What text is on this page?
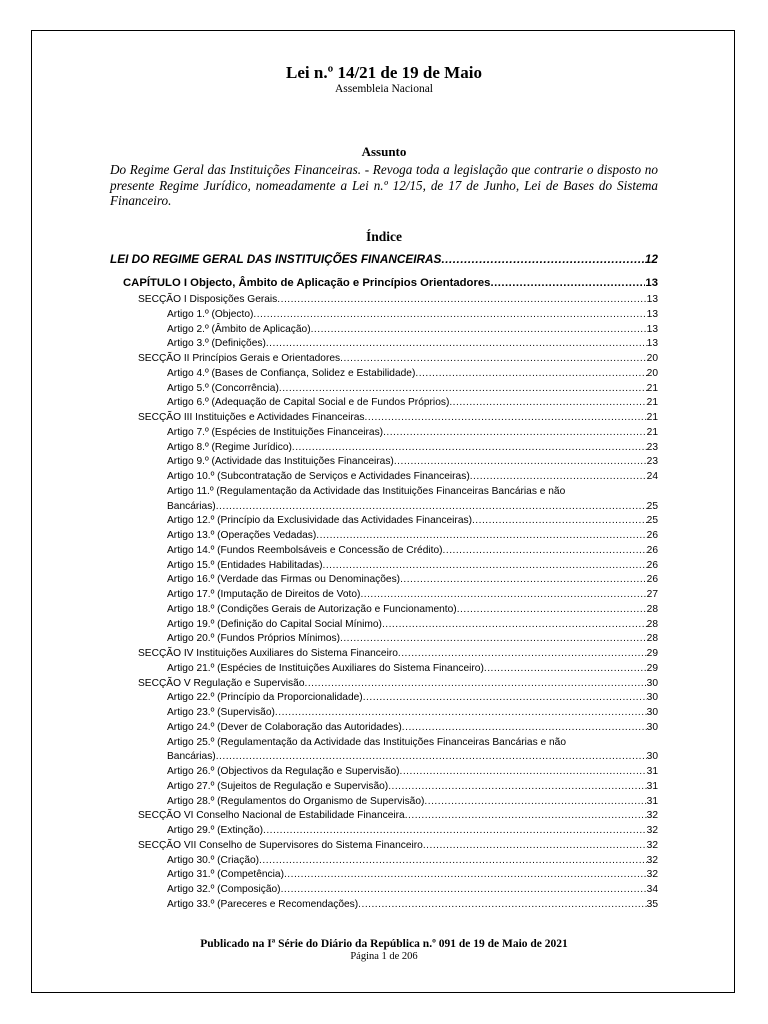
Lei n.º 14/21 de 19 de Maio
Assembleia Nacional
Assunto
Do Regime Geral das Instituições Financeiras. - Revoga toda a legislação que contrarie o disposto no presente Regime Jurídico, nomeadamente a Lei n.º 12/15, de 17 de Junho, Lei de Bases do Sistema Financeiro.
Índice
LEI DO REGIME GERAL DAS INSTITUIÇÕES FINANCEIRAS .....	12
CAPÍTULO I Objecto, Âmbito de Aplicação e Princípios Orientadores .....	13
SECÇÃO I Disposições Gerais .....	13
Artigo 1.º (Objecto) .....	13
Artigo 2.º (Âmbito de Aplicação) .....	13
Artigo 3.º (Definições) .....	13
SECÇÃO II Princípios Gerais e Orientadores .....	20
Artigo 4.º (Bases de Confiança, Solidez e Estabilidade) .....	20
Artigo 5.º (Concorrência) .....	21
Artigo 6.º (Adequação de Capital Social e de Fundos Próprios) .....	21
SECÇÃO III Instituições e Actividades Financeiras .....	21
Artigo 7.º (Espécies de Instituições Financeiras) .....	21
Artigo 8.º (Regime Jurídico) .....	23
Artigo 9.º (Actividade das Instituições Financeiras) .....	23
Artigo 10.º (Subcontratação de Serviços e Actividades Financeiras) .....	24
Artigo 11.º (Regulamentação da Actividade das Instituições Financeiras Bancárias e não
Bancárias) .....	25
Artigo 12.º (Princípio da Exclusividade das Actividades Financeiras) .....	25
Artigo 13.º (Operações Vedadas) .....	26
Artigo 14.º (Fundos Reembolsáveis e Concessão de Crédito) .....	26
Artigo 15.º (Entidades Habilitadas) .....	26
Artigo 16.º (Verdade das Firmas ou Denominações) .....	26
Artigo 17.º (Imputação de Direitos de Voto) .....	27
Artigo 18.º (Condições Gerais de Autorização e Funcionamento) .....	28
Artigo 19.º (Definição do Capital Social Mínimo) .....	28
Artigo 20.º (Fundos Próprios Mínimos) .....	28
SECÇÃO IV Instituições Auxiliares do Sistema Financeiro .....	29
Artigo 21.º (Espécies de Instituições Auxiliares do Sistema Financeiro) .....	29
SECÇÃO V Regulação e Supervisão .....	30
Artigo 22.º (Princípio da Proporcionalidade) .....	30
Artigo 23.º (Supervisão) .....	30
Artigo 24.º (Dever de Colaboração das Autoridades) .....	30
Artigo 25.º (Regulamentação da Actividade das Instituições Financeiras Bancárias e não
Bancárias) .....	30
Artigo 26.º (Objectivos da Regulação e Supervisão) .....	31
Artigo 27.º (Sujeitos de Regulação e Supervisão) .....	31
Artigo 28.º (Regulamentos do Organismo de Supervisão) .....	31
SECÇÃO VI Conselho Nacional de Estabilidade Financeira .....	32
Artigo 29.º (Extinção) .....	32
SECÇÃO VII Conselho de Supervisores do Sistema Financeiro .....	32
Artigo 30.º (Criação) .....	32
Artigo 31.º (Competência) .....	32
Artigo 32.º (Composição) .....	34
Artigo 33.º (Pareceres e Recomendações) .....	35
Publicado na Iª Série do Diário da República n.º 091 de 19 de Maio de 2021
Página 1 de 206
